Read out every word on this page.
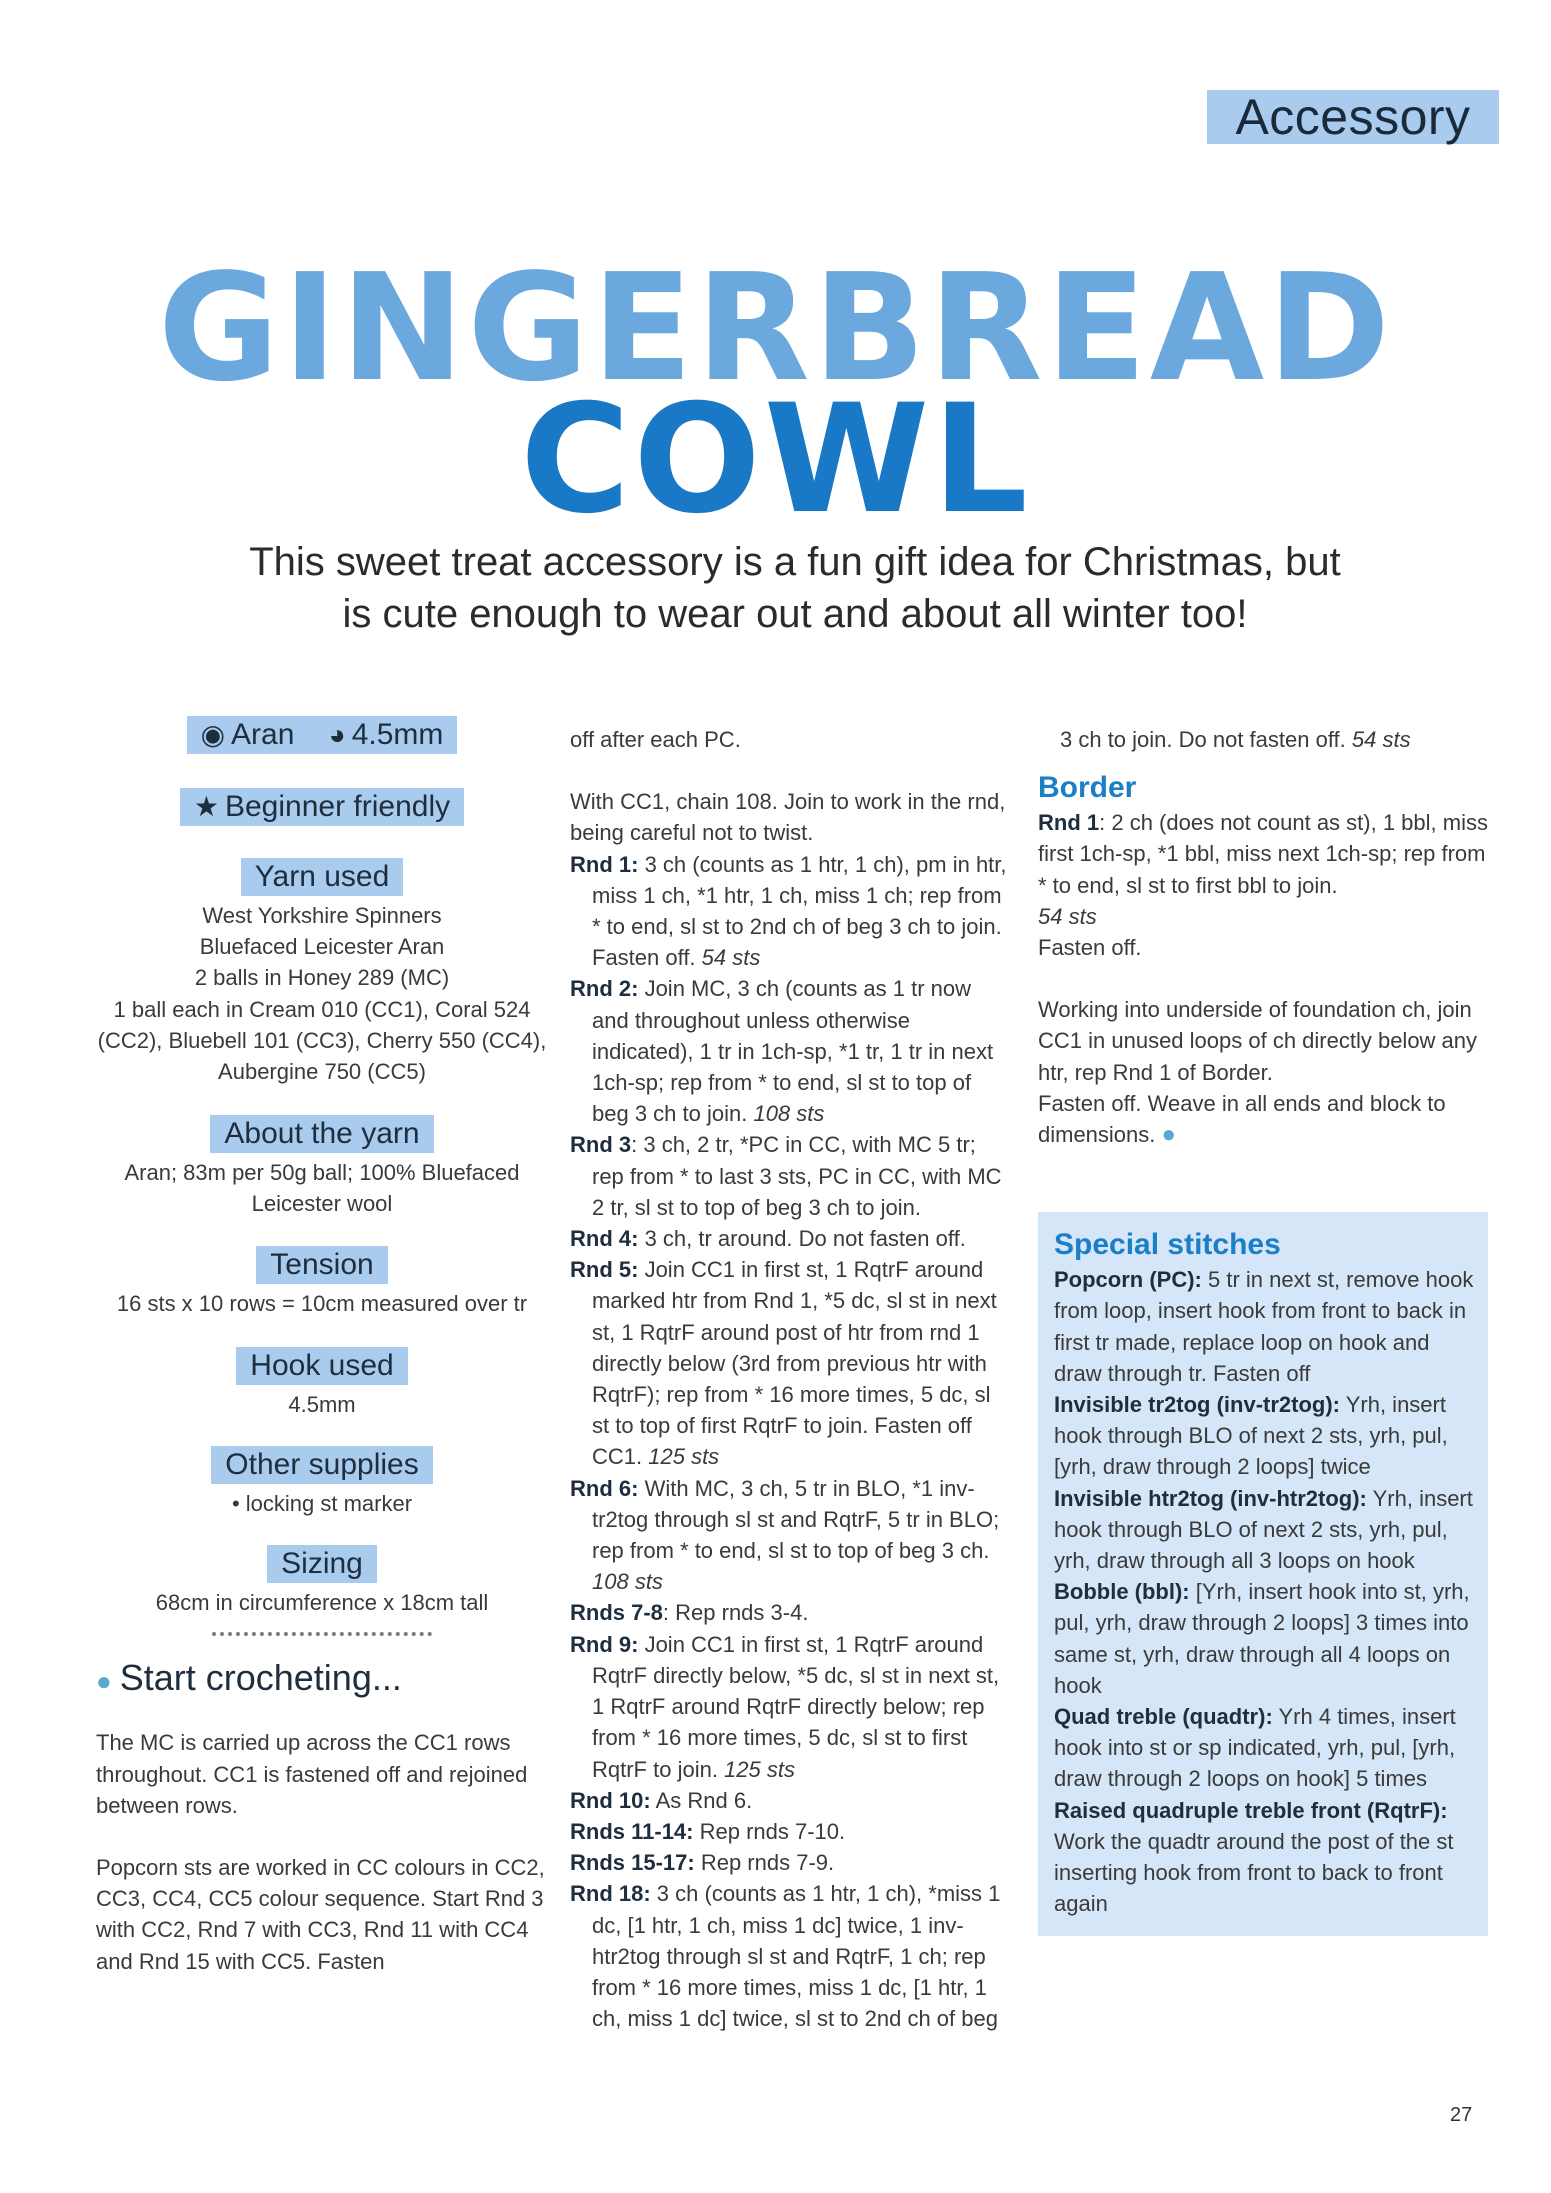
Accessory
GINGERBREAD
COWL
This sweet treat accessory is a fun gift idea for Christmas, but
is cute enough to wear out and about all winter too!
◉ Aran ◕ 4.5mm
★ Beginner friendly
Yarn used

West Yorkshire Spinners

Bluefaced Leicester Aran

2 balls in Honey 289 (MC)

1 ball each in Cream 010 (CC1), Coral 524

(CC2), Bluebell 101 (CC3), Cherry 550 (CC4),

Aubergine 750 (CC5)

About the yarn

Aran; 83m per 50g ball; 100% Bluefaced

Leicester wool

Tension

16 sts x 10 rows = 10cm measured over tr

Hook used

4.5mm

Other supplies

• locking st marker

Sizing

68cm in circumference x 18cm tall

● Start crocheting...

The MC is carried up across the CC1 rows throughout. CC1 is fastened off and rejoined between rows.

Popcorn sts are worked in CC colours in CC2, CC3, CC4, CC5 colour sequence. Start Rnd 3 with CC2, Rnd 7 with CC3, Rnd 11 with CC4 and Rnd 15 with CC5. Fasten

off after each PC.

With CC1, chain 108. Join to work in the rnd, being careful not to twist.

Rnd 1: 3 ch (counts as 1 htr, 1 ch), pm in htr, miss 1 ch, *1 htr, 1 ch, miss 1 ch; rep from * to end, sl st to 2nd ch of beg 3 ch to join. Fasten off. 54 sts

Rnd 2: Join MC, 3 ch (counts as 1 tr now and throughout unless otherwise indicated), 1 tr in 1ch-sp, *1 tr, 1 tr in next 1ch-sp; rep from * to end, sl st to top of beg 3 ch to join. 108 sts

Rnd 3: 3 ch, 2 tr, *PC in CC, with MC 5 tr; rep from * to last 3 sts, PC in CC, with MC 2 tr, sl st to top of beg 3 ch to join.

Rnd 4: 3 ch, tr around. Do not fasten off.

Rnd 5: Join CC1 in first st, 1 RqtrF around marked htr from Rnd 1, *5 dc, sl st in next st, 1 RqtrF around post of htr from rnd 1 directly below (3rd from previous htr with RqtrF); rep from * 16 more times, 5 dc, sl st to top of first RqtrF to join. Fasten off CC1. 125 sts

Rnd 6: With MC, 3 ch, 5 tr in BLO, *1 inv-tr2tog through sl st and RqtrF, 5 tr in BLO; rep from * to end, sl st to top of beg 3 ch. 108 sts

Rnds 7-8: Rep rnds 3-4.

Rnd 9: Join CC1 in first st, 1 RqtrF around RqtrF directly below, *5 dc, sl st in next st, 1 RqtrF around RqtrF directly below; rep from * 16 more times, 5 dc, sl st to first RqtrF to join. 125 sts

Rnd 10: As Rnd 6.

Rnds 11-14: Rep rnds 7-10.

Rnds 15-17: Rep rnds 7-9.

Rnd 18: 3 ch (counts as 1 htr, 1 ch), *miss 1 dc, [1 htr, 1 ch, miss 1 dc] twice, 1 inv-htr2tog through sl st and RqtrF, 1 ch; rep from * 16 more times, miss 1 dc, [1 htr, 1 ch, miss 1 dc] twice, sl st to 2nd ch of beg

3 ch to join. Do not fasten off. 54 sts

Border

Rnd 1: 2 ch (does not count as st), 1 bbl, miss first 1ch-sp, *1 bbl, miss next 1ch-sp; rep from * to end, sl st to first bbl to join.

54 sts

Fasten off.

Working into underside of foundation ch, join CC1 in unused loops of ch directly below any htr, rep Rnd 1 of Border.

Fasten off. Weave in all ends and block to dimensions. ●

Special stitches

Popcorn (PC): 5 tr in next st, remove hook from loop, insert hook from front to back in first tr made, replace loop on hook and draw through tr. Fasten off

Invisible tr2tog (inv-tr2tog): Yrh, insert hook through BLO of next 2 sts, yrh, pul, [yrh, draw through 2 loops] twice

Invisible htr2tog (inv-htr2tog): Yrh, insert hook through BLO of next 2 sts, yrh, pul, yrh, draw through all 3 loops on hook

Bobble (bbl): [Yrh, insert hook into st, yrh, pul, yrh, draw through 2 loops] 3 times into same st, yrh, draw through all 4 loops on hook

Quad treble (quadtr): Yrh 4 times, insert hook into st or sp indicated, yrh, pul, [yrh, draw through 2 loops on hook] 5 times

Raised quadruple treble front (RqtrF): Work the quadtr around the post of the st inserting hook from front to back to front again

27
